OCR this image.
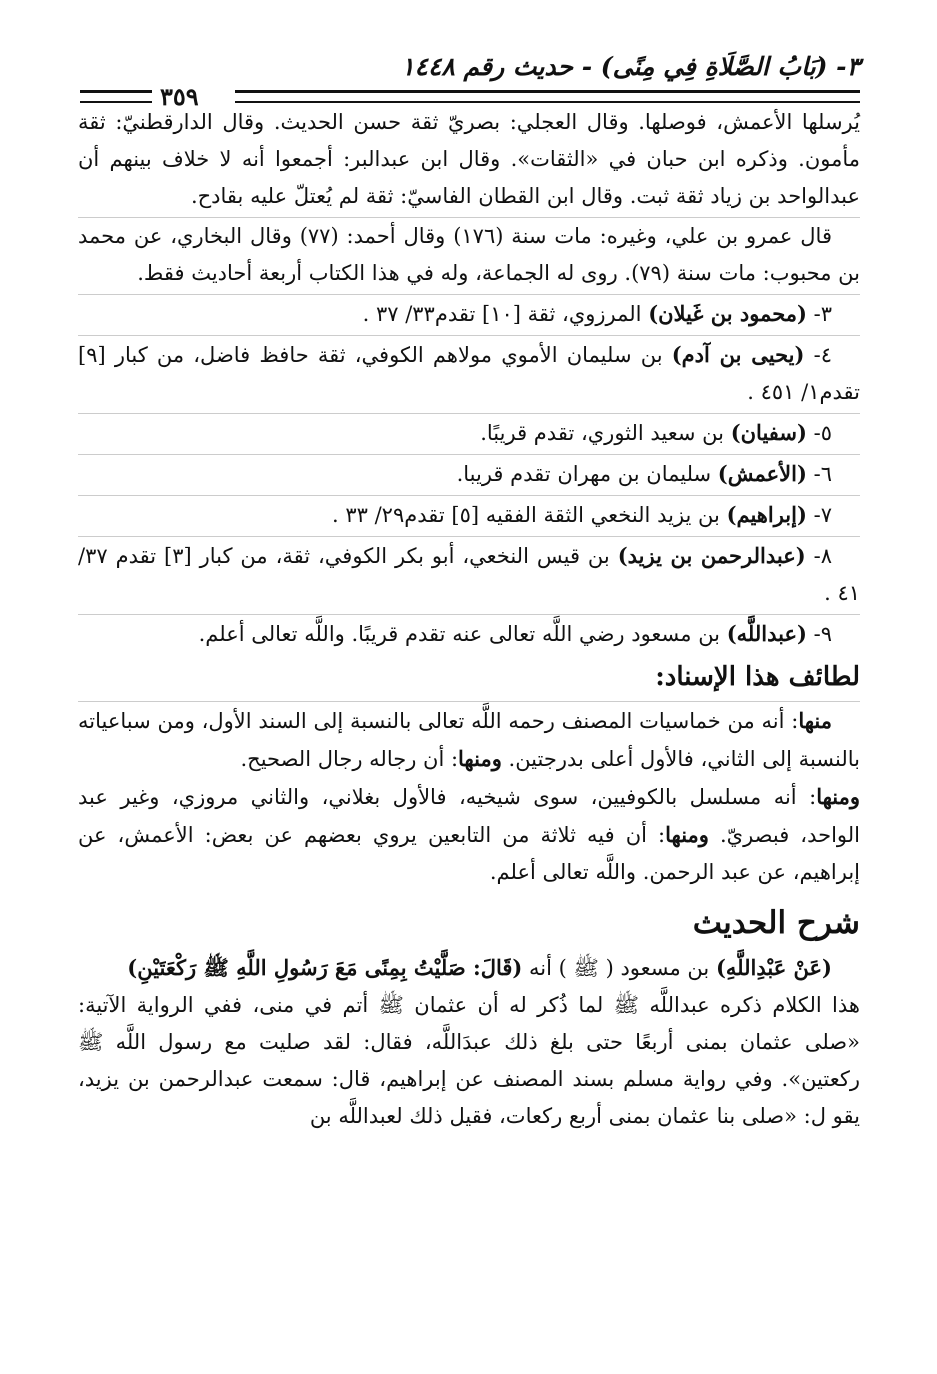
٣- (بَابُ الصَّلَاةِ فِي مِنًى) - حديث رقم ١٤٤٨
٣٥٩

يُرسلها الأعمش، فوصلها. وقال العجلي: بصريّ ثقة حسن الحديث. وقال الدارقطنيّ: ثقة مأمون. وذكره ابن حبان في «الثقات». وقال ابن عبدالبر: أجمعوا أنه لا خلاف بينهم أن عبدالواحد بن زياد ثقة ثبت. وقال ابن القطان الفاسيّ: ثقة لم يُعتلّ عليه بقادح.

قال عمرو بن علي، وغيره: مات سنة (١٧٦) وقال أحمد: (٧٧) وقال البخاري، عن محمد بن محبوب: مات سنة (٧٩). روى له الجماعة، وله في هذا الكتاب أربعة أحاديث فقط.

٣- (محمود بن غَيلان) المرزوي، ثقة [١٠] تقدم٣٣/ ٣٧ .

٤- (يحيى بن آدم) بن سليمان الأموي مولاهم الكوفي، ثقة حافظ فاضل، من كبار [٩] تقدم١/ ٤٥١ .

٥- (سفيان) بن سعيد الثوري، تقدم قريبًا.

٦- (الأعمش) سليمان بن مهران تقدم قريبا.

٧- (إبراهيم) بن يزيد النخعي الثقة الفقيه [٥] تقدم٢٩/ ٣٣ .

٨- (عبدالرحمن بن يزيد) بن قيس النخعي، أبو بكر الكوفي، ثقة، من كبار [٣] تقدم ٣٧/ ٤١ .

٩- (عبداللَّه) بن مسعود رضي اللَّه تعالى عنه تقدم قريبًا. واللَّه تعالى أعلم.

لطائف هذا الإسناد:

منها: أنه من خماسيات المصنف رحمه اللَّه تعالى بالنسبة إلى السند الأول، ومن سباعياته بالنسبة إلى الثاني، فالأول أعلى بدرجتين. ومنها: أن رجاله رجال الصحيح.

ومنها: أنه مسلسل بالكوفيين، سوى شيخيه، فالأول بغلاني، والثاني مروزي، وغير عبد الواحد، فبصريّ. ومنها: أن فيه ثلاثة من التابعين يروي بعضهم عن بعض: الأعمش، عن إبراهيم، عن عبد الرحمن. واللَّه تعالى أعلم.

شرح الحديث

(عَنْ عَبْدِاللَّهِ) بن مسعود ( ﷺ ) أنه (قَالَ: صَلَّيْتُ بِمِنًى مَعَ رَسُولِ اللَّهِ ﷺ رَكْعَتَيْنِ)

هذا الكلام ذكره عبداللَّه ﷺ لما ذُكر له أن عثمان ﷺ أتم في منى، ففي الرواية الآتية: «صلى عثمان بمنى أربعًا حتى بلغ ذلك عبدَاللَّه، فقال: لقد صليت مع رسول اللَّه ﷺ ركعتين». وفي رواية مسلم بسند المصنف عن إبراهيم، قال: سمعت عبدالرحمن بن يزيد، يقو ل: «صلى بنا عثمان بمنى أربع ركعات، فقيل ذلك لعبداللَّه بن
